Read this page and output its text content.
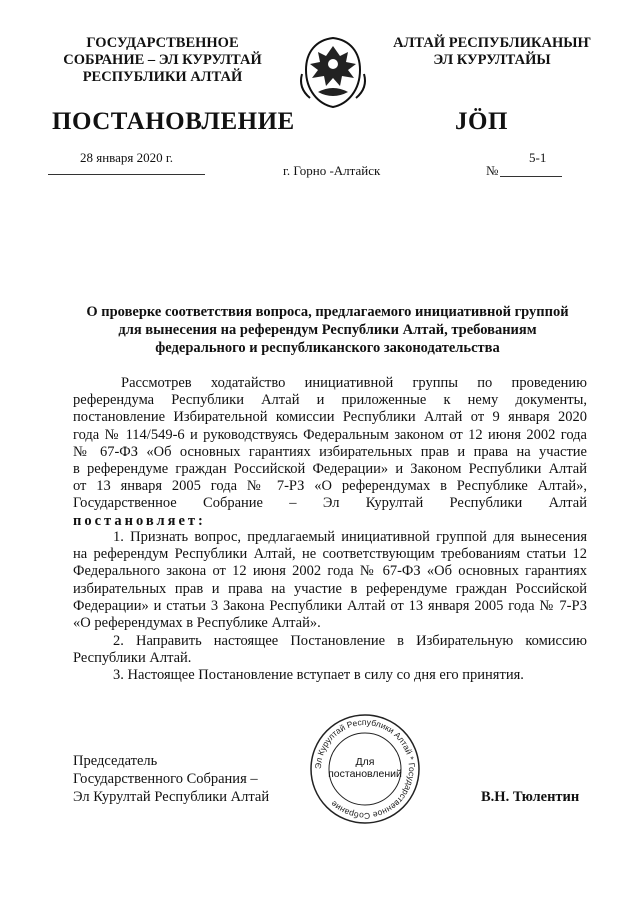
ГОСУДАРСТВЕННОЕ
СОБРАНИЕ – ЭЛ КУРУЛТАЙ
РЕСПУБЛИКИ АЛТАЙ
АЛТАЙ РЕСПУБЛИКАНЫҤ
ЭЛ КУРУЛТАЙЫ
ПОСТАНОВЛЕНИЕ	JӦП
28 января 2020 г.
г. Горно -Алтайск
5-1
№
О проверке соответствия вопроса, предлагаемого инициативной группой
для вынесения на референдум Республики Алтай, требованиям
федерального и республиканского законодательства
Рассмотрев ходатайство инициативной группы по проведению
референдума Республики Алтай и приложенные к нему документы,
постановление Избирательной комиссии Республики Алтай от 9 января 2020
года № 114/549-6 и руководствуясь Федеральным законом от 12 июня 2002 года
№ 67-ФЗ «Об основных гарантиях избирательных прав и права на участие
в референдуме граждан Российской Федерации» и Законом Республики Алтай
от 13 января 2005 года № 7-РЗ «О референдумах в Республике Алтай»,
Государственное Собрание – Эл Курултай Республики Алтай
постановляет:
1. Признать вопрос, предлагаемый инициативной группой для вынесения
на референдум Республики Алтай, не соответствующим требованиям статьи 12
Федерального закона от 12 июня 2002 года № 67-ФЗ «Об основных гарантиях
избирательных прав и права на участие в референдуме граждан Российской
Федерации» и статьи 3 Закона Республики Алтай от 13 января 2005 года № 7-РЗ
«О референдумах в Республике Алтай».
2. Направить настоящее Постановление в Избирательную комиссию
Республики Алтай.
3. Настоящее Постановление вступает в силу со дня его принятия.
Председатель
Государственного Собрания –
Эл Курултай Республики Алтай	В.Н. Тюлентин
Эл Курултай Республики Алтай * Государственное Собрание
Для
постановлений
